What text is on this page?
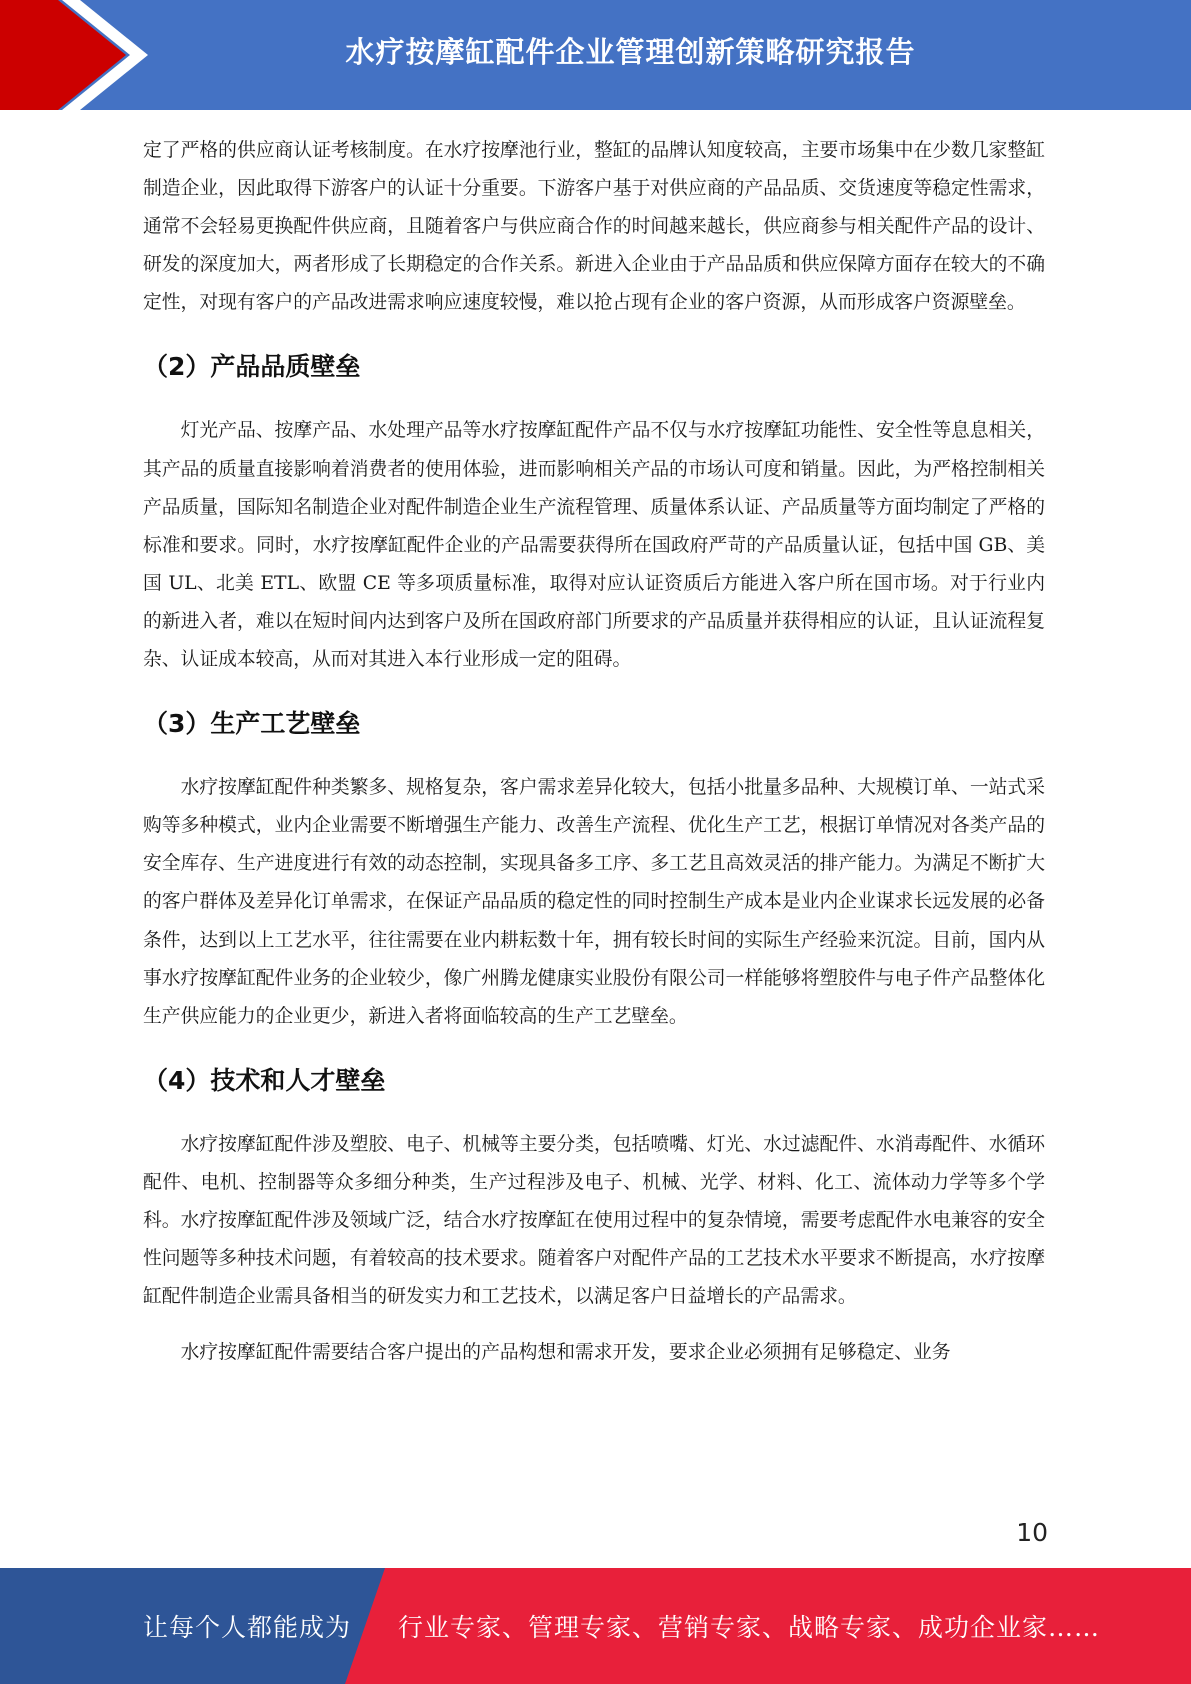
水疗按摩缸配件企业管理创新策略研究报告

定了严格的供应商认证考核制度。在水疗按摩池行业，整缸的品牌认知度较高，主要市场集中在少数几家整缸制造企业，因此取得下游客户的认证十分重要。下游客户基于对供应商的产品品质、交货速度等稳定性需求，通常不会轻易更换配件供应商，且随着客户与供应商合作的时间越来越长，供应商参与相关配件产品的设计、研发的深度加大，两者形成了长期稳定的合作关系。新进入企业由于产品品质和供应保障方面存在较大的不确定性，对现有客户的产品改进需求响应速度较慢，难以抢占现有企业的客户资源，从而形成客户资源壁垒。

（2）产品品质壁垒

灯光产品、按摩产品、水处理产品等水疗按摩缸配件产品不仅与水疗按摩缸功能性、安全性等息息相关，其产品的质量直接影响着消费者的使用体验，进而影响相关产品的市场认可度和销量。因此，为严格控制相关产品质量，国际知名制造企业对配件制造企业生产流程管理、质量体系认证、产品质量等方面均制定了严格的标准和要求。同时，水疗按摩缸配件企业的产品需要获得所在国政府严苛的产品质量认证，包括中国 GB、美国 UL、北美 ETL、欧盟 CE 等多项质量标准，取得对应认证资质后方能进入客户所在国市场。对于行业内的新进入者，难以在短时间内达到客户及所在国政府部门所要求的产品质量并获得相应的认证，且认证流程复杂、认证成本较高，从而对其进入本行业形成一定的阻碍。

（3）生产工艺壁垒

水疗按摩缸配件种类繁多、规格复杂，客户需求差异化较大，包括小批量多品种、大规模订单、一站式采购等多种模式，业内企业需要不断增强生产能力、改善生产流程、优化生产工艺，根据订单情况对各类产品的安全库存、生产进度进行有效的动态控制，实现具备多工序、多工艺且高效灵活的排产能力。为满足不断扩大的客户群体及差异化订单需求，在保证产品品质的稳定性的同时控制生产成本是业内企业谋求长远发展的必备条件，达到以上工艺水平，往往需要在业内耕耘数十年，拥有较长时间的实际生产经验来沉淀。目前，国内从事水疗按摩缸配件业务的企业较少，像广州腾龙健康实业股份有限公司一样能够将塑胶件与电子件产品整体化生产供应能力的企业更少，新进入者将面临较高的生产工艺壁垒。

（4）技术和人才壁垒

水疗按摩缸配件涉及塑胶、电子、机械等主要分类，包括喷嘴、灯光、水过滤配件、水消毒配件、水循环配件、电机、控制器等众多细分种类，生产过程涉及电子、机械、光学、材料、化工、流体动力学等多个学科。水疗按摩缸配件涉及领域广泛，结合水疗按摩缸在使用过程中的复杂情境，需要考虑配件水电兼容的安全性问题等多种技术问题，有着较高的技术要求。随着客户对配件产品的工艺技术水平要求不断提高，水疗按摩缸配件制造企业需具备相当的研发实力和工艺技术，以满足客户日益增长的产品需求。

水疗按摩缸配件需要结合客户提出的产品构想和需求开发，要求企业必须拥有足够稳定、业务

10
让每个人都能成为 行业专家、管理专家、营销专家、战略专家、成功企业家……
